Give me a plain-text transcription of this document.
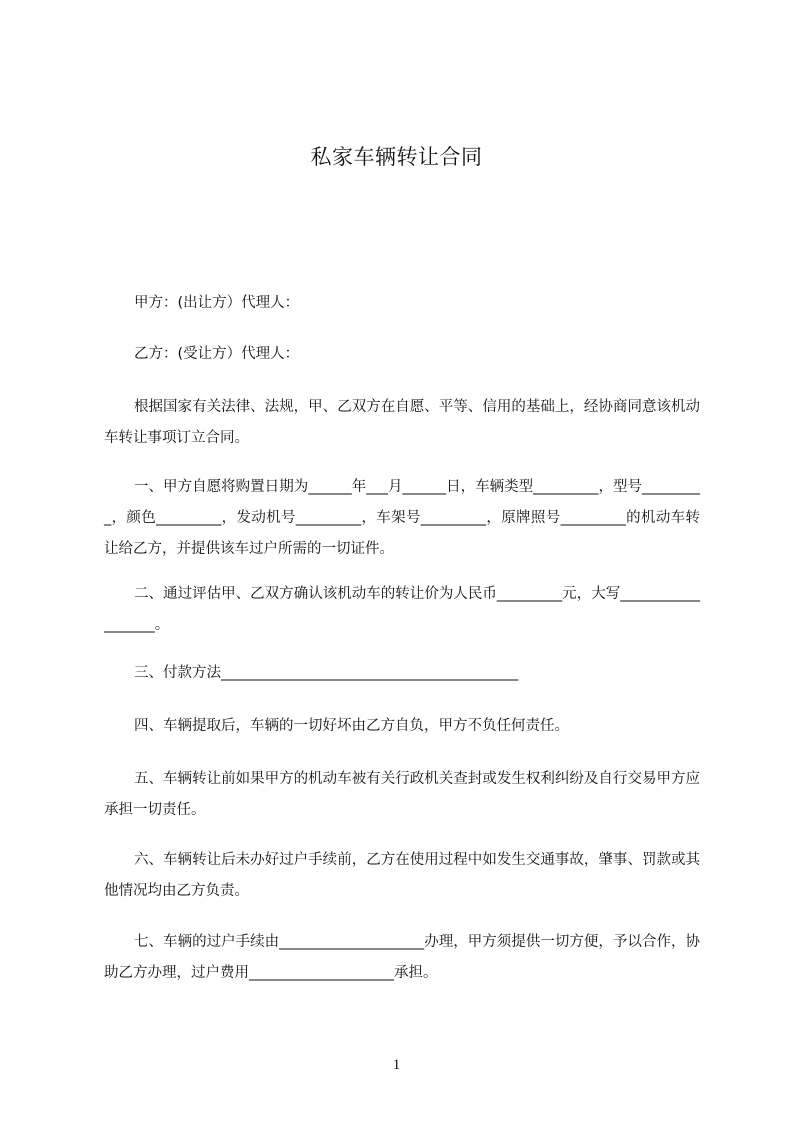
私家车辆转让合同
甲方：(出让方）代理人：
乙方：(受让方）代理人：
根据国家有关法律、法规，甲、乙双方在自愿、平等、信用的基础上，经协商同意该机动车转让事项订立合同。
一、甲方自愿将购置日期为______年___月______日，车辆类型_________，型号_________，颜色_________，发动机号_________，车架号_________，原牌照号_________的机动车转让给乙方，并提供该车过户所需的一切证件。
二、通过评估甲、乙双方确认该机动车的转让价为人民币_________元，大写__________________。
三、付款方法_________________________________________
四、车辆提取后，车辆的一切好坏由乙方自负，甲方不负任何责任。
五、车辆转让前如果甲方的机动车被有关行政机关查封或发生权利纠纷及自行交易甲方应承担一切责任。
六、车辆转让后未办好过户手续前，乙方在使用过程中如发生交通事故，肇事、罚款或其他情况均由乙方负责。
七、车辆的过户手续由____________________办理，甲方须提供一切方便，予以合作，协助乙方办理，过户费用____________________承担。
1
